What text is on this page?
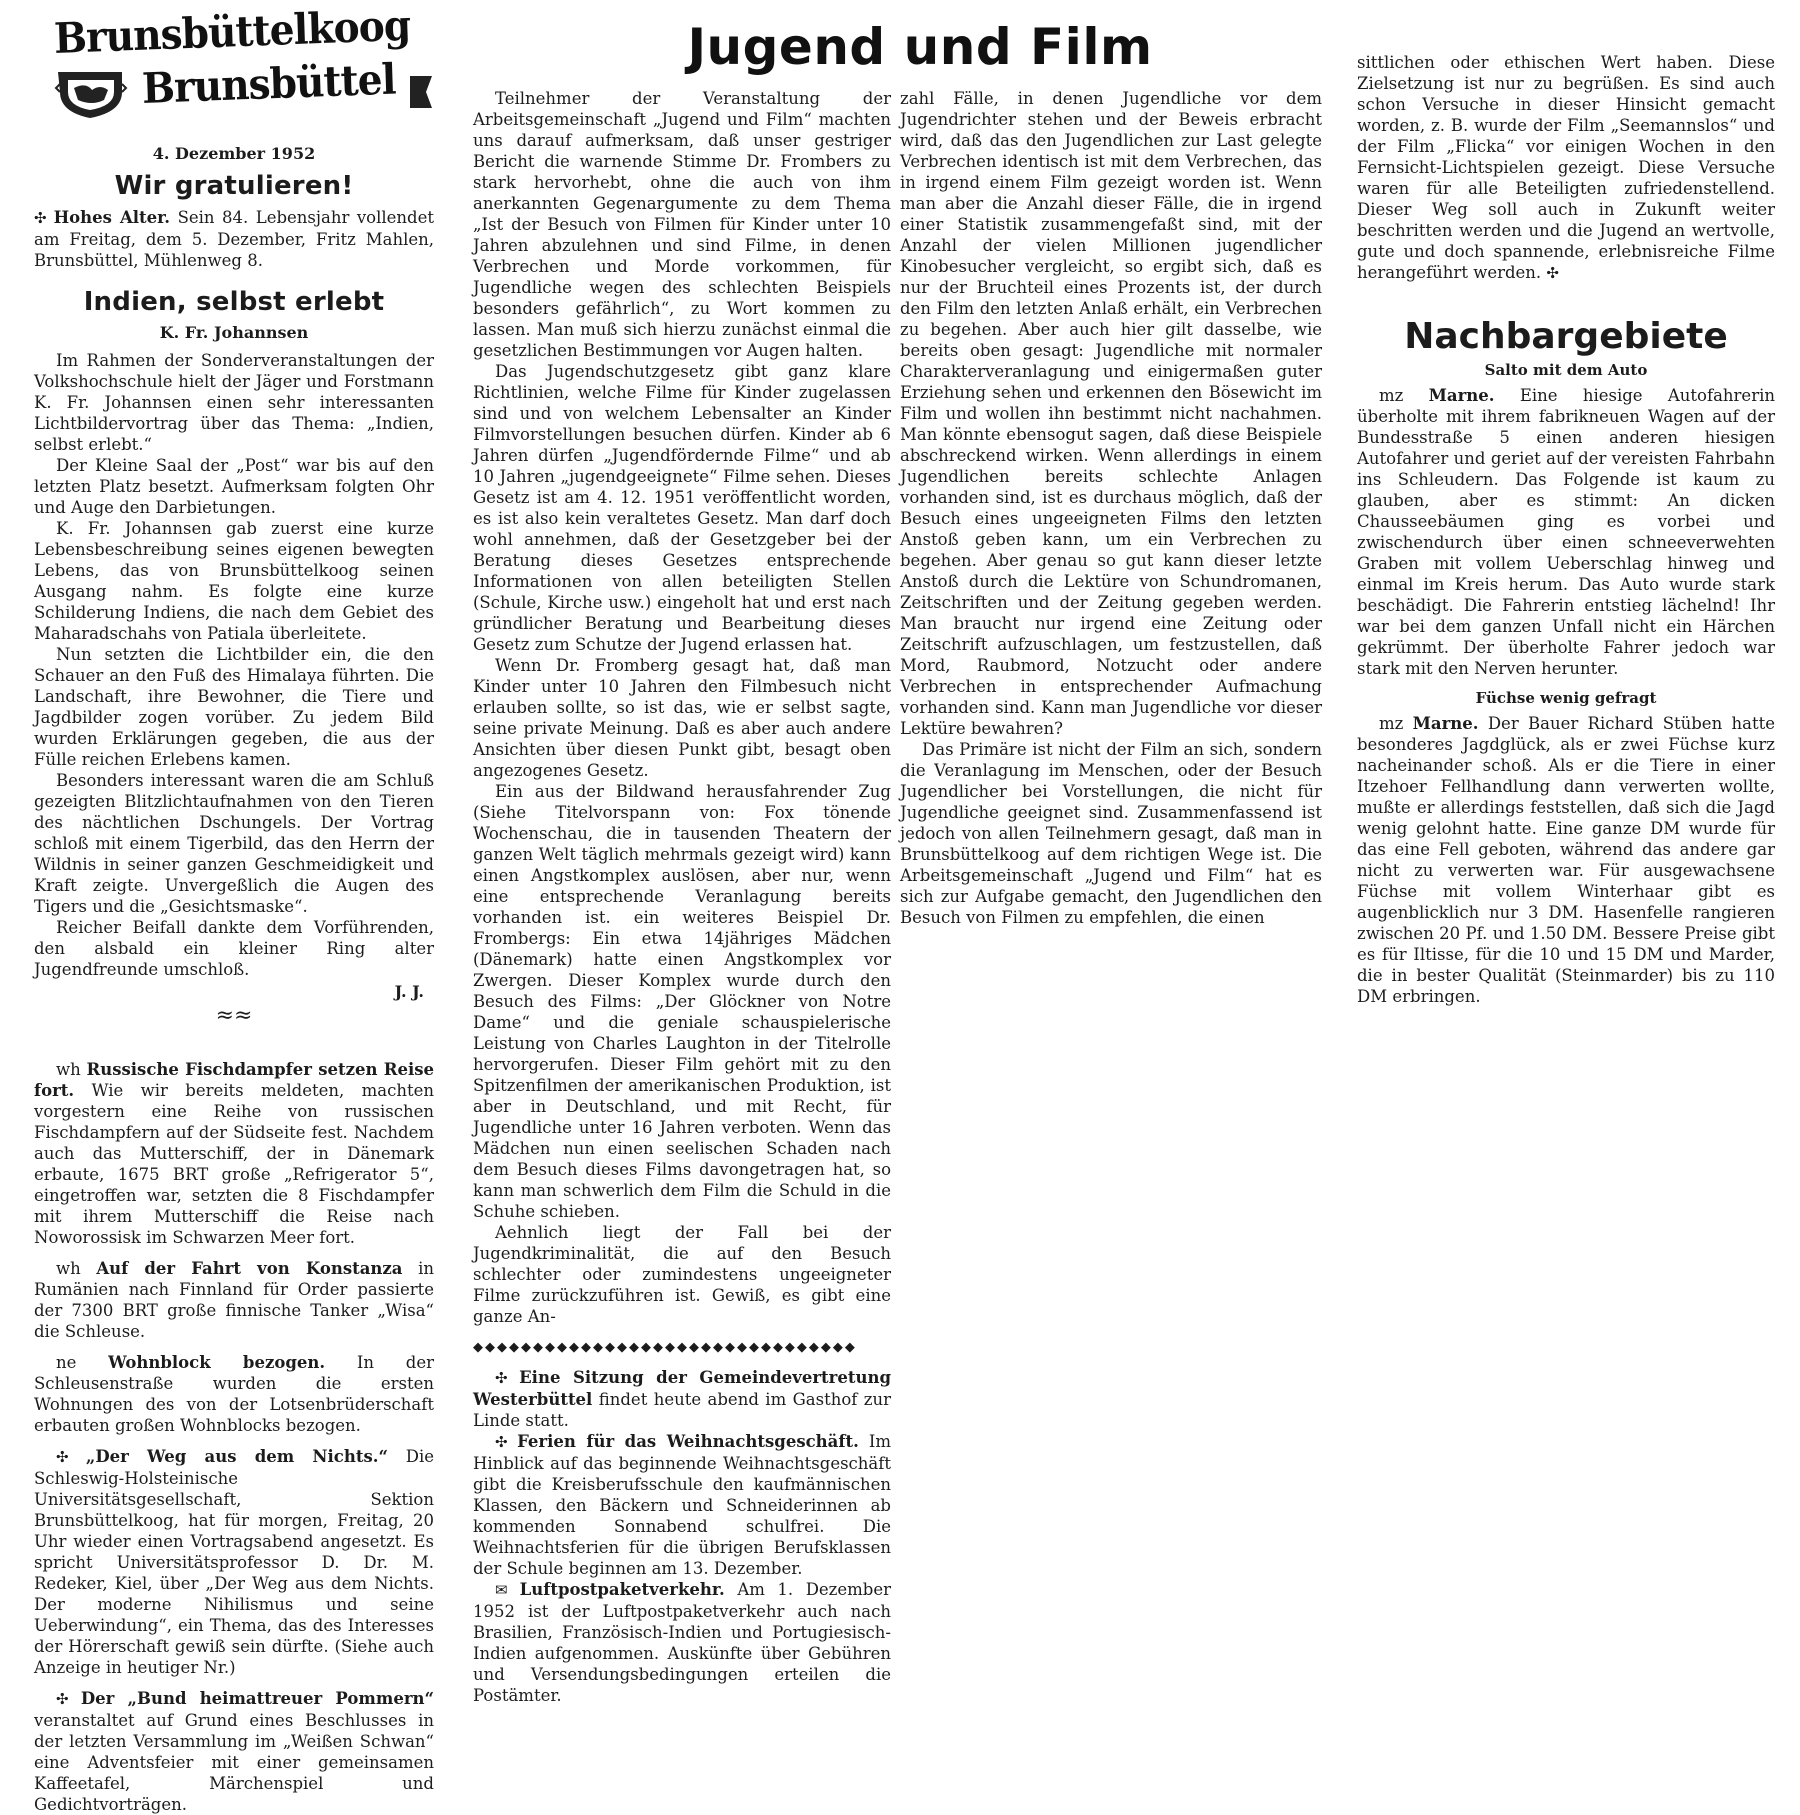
Jugend und Film
Brunsbüttelkoog
Brunsbüttel
4. Dezember 1952
Wir gratulieren!

✣ Hohes Alter. Sein 84. Lebensjahr vollendet am Freitag, dem 5. Dezember, Fritz Mahlen, Brunsbüttel, Mühlenweg 8.

Indien, selbst erlebt
K. Fr. Johannsen

Im Rahmen der Sonderveranstaltungen der Volkshochschule hielt der Jäger und Forstmann K. Fr. Johannsen einen sehr interessanten Lichtbildervortrag über das Thema: „Indien, selbst erlebt.“

Der Kleine Saal der „Post“ war bis auf den letzten Platz besetzt. Aufmerksam folgten Ohr und Auge den Darbietungen.

K. Fr. Johannsen gab zuerst eine kurze Lebensbeschreibung seines eigenen bewegten Lebens, das von Brunsbüttelkoog seinen Ausgang nahm. Es folgte eine kurze Schilderung Indiens, die nach dem Gebiet des Maharadschahs von Patiala überleitete.

Nun setzten die Lichtbilder ein, die den Schauer an den Fuß des Himalaya führten. Die Landschaft, ihre Bewohner, die Tiere und Jagdbilder zogen vorüber. Zu jedem Bild wurden Erklärungen gegeben, die aus der Fülle reichen Erlebens kamen.

Besonders interessant waren die am Schluß gezeigten Blitzlichtaufnahmen von den Tieren des nächtlichen Dschungels. Der Vortrag schloß mit einem Tigerbild, das den Herrn der Wildnis in seiner ganzen Geschmeidigkeit und Kraft zeigte. Unvergeßlich die Augen des Tigers und die „Gesichtsmaske“.

Reicher Beifall dankte dem Vorführenden, den alsbald ein kleiner Ring alter Jugendfreunde umschloß.

J. J.
≈≈

wh Russische Fischdampfer setzen Reise fort. Wie wir bereits meldeten, machten vorgestern eine Reihe von russischen Fischdampfern auf der Südseite fest. Nachdem auch das Mutterschiff, der in Dänemark erbaute, 1675 BRT große „Refrigerator 5“, eingetroffen war, setzten die 8 Fischdampfer mit ihrem Mutterschiff die Reise nach Noworossisk im Schwarzen Meer fort.

wh Auf der Fahrt von Konstanza in Rumänien nach Finnland für Order passierte der 7300 BRT große finnische Tanker „Wisa“ die Schleuse.

ne Wohnblock bezogen. In der Schleusenstraße wurden die ersten Wohnungen des von der Lotsenbrüderschaft erbauten großen Wohnblocks bezogen.

✣ „Der Weg aus dem Nichts.“ Die Schleswig-Holsteinische Universitätsgesellschaft, Sektion Brunsbüttelkoog, hat für morgen, Freitag, 20 Uhr wieder einen Vortragsabend angesetzt. Es spricht Universitätsprofessor D. Dr. M. Redeker, Kiel, über „Der Weg aus dem Nichts. Der moderne Nihilismus und seine Ueberwindung“, ein Thema, das des Interesses der Hörerschaft gewiß sein dürfte. (Siehe auch Anzeige in heutiger Nr.)

✣ Der „Bund heimattreuer Pommern“ veranstaltet auf Grund eines Beschlusses in der letzten Versammlung im „Weißen Schwan“ eine Adventsfeier mit einer gemeinsamen Kaffeetafel, Märchenspiel und Gedichtvorträgen.

Teilnehmer der Veranstaltung der Arbeitsgemeinschaft „Jugend und Film“ machten uns darauf aufmerksam, daß unser gestriger Bericht die warnende Stimme Dr. Frombers zu stark hervorhebt, ohne die auch von ihm anerkannten Gegenargumente zu dem Thema „Ist der Besuch von Filmen für Kinder unter 10 Jahren abzulehnen und sind Filme, in denen Verbrechen und Morde vorkommen, für Jugendliche wegen des schlechten Beispiels besonders gefährlich“, zu Wort kommen zu lassen. Man muß sich hierzu zunächst einmal die gesetzlichen Bestimmungen vor Augen halten.

Das Jugendschutzgesetz gibt ganz klare Richtlinien, welche Filme für Kinder zugelassen sind und von welchem Lebensalter an Kinder Filmvorstellungen besuchen dürfen. Kinder ab 6 Jahren dürfen „Jugendfördernde Filme“ und ab 10 Jahren „jugendgeeignete“ Filme sehen. Dieses Gesetz ist am 4. 12. 1951 veröffentlicht worden, es ist also kein veraltetes Gesetz. Man darf doch wohl annehmen, daß der Gesetzgeber bei der Beratung dieses Gesetzes entsprechende Informationen von allen beteiligten Stellen (Schule, Kirche usw.) eingeholt hat und erst nach gründlicher Beratung und Bearbeitung dieses Gesetz zum Schutze der Jugend erlassen hat.

Wenn Dr. Fromberg gesagt hat, daß man Kinder unter 10 Jahren den Filmbesuch nicht erlauben sollte, so ist das, wie er selbst sagte, seine private Meinung. Daß es aber auch andere Ansichten über diesen Punkt gibt, besagt oben angezogenes Gesetz.

Ein aus der Bildwand herausfahrender Zug (Siehe Titelvorspann von: Fox tönende Wochenschau, die in tausenden Theatern der ganzen Welt täglich mehrmals gezeigt wird) kann einen Angstkomplex auslösen, aber nur, wenn eine entsprechende Veranlagung bereits vorhanden ist. ein weiteres Beispiel Dr. Frombergs: Ein etwa 14jähriges Mädchen (Dänemark) hatte einen Angstkomplex vor Zwergen. Dieser Komplex wurde durch den Besuch des Films: „Der Glöckner von Notre Dame“ und die geniale schauspielerische Leistung von Charles Laughton in der Titelrolle hervorgerufen. Dieser Film gehört mit zu den Spitzenfilmen der amerikanischen Produktion, ist aber in Deutschland, und mit Recht, für Jugendliche unter 16 Jahren verboten. Wenn das Mädchen nun einen seelischen Schaden nach dem Besuch dieses Films davongetragen hat, so kann man schwerlich dem Film die Schuld in die Schuhe schieben.

Aehnlich liegt der Fall bei der Jugendkriminalität, die auf den Besuch schlechter oder zumindestens ungeeigneter Filme zurückzuführen ist. Gewiß, es gibt eine ganze An-

◆◆◆◆◆◆◆◆◆◆◆◆◆◆◆◆◆◆◆◆◆◆◆◆◆◆◆◆◆◆◆◆

✣ Eine Sitzung der Gemeindevertretung Westerbüttel findet heute abend im Gasthof zur Linde statt.

✣ Ferien für das Weihnachtsgeschäft. Im Hinblick auf das beginnende Weihnachtsgeschäft gibt die Kreisberufsschule den kaufmännischen Klassen, den Bäckern und Schneiderinnen ab kommenden Sonnabend schulfrei. Die Weihnachtsferien für die übrigen Berufsklassen der Schule beginnen am 13. Dezember.

✉ Luftpostpaketverkehr. Am 1. Dezember 1952 ist der Luftpostpaketverkehr auch nach Brasilien, Französisch-Indien und Portugiesisch-Indien aufgenommen. Auskünfte über Gebühren und Versendungsbedingungen erteilen die Postämter.

zahl Fälle, in denen Jugendliche vor dem Jugendrichter stehen und der Beweis erbracht wird, daß das den Jugendlichen zur Last gelegte Verbrechen identisch ist mit dem Verbrechen, das in irgend einem Film gezeigt worden ist. Wenn man aber die Anzahl dieser Fälle, die in irgend einer Statistik zusammengefaßt sind, mit der Anzahl der vielen Millionen jugendlicher Kinobesucher vergleicht, so ergibt sich, daß es nur der Bruchteil eines Prozents ist, der durch den Film den letzten Anlaß erhält, ein Verbrechen zu begehen. Aber auch hier gilt dasselbe, wie bereits oben gesagt: Jugendliche mit normaler Charakterveranlagung und einigermaßen guter Erziehung sehen und erkennen den Bösewicht im Film und wollen ihn bestimmt nicht nachahmen. Man könnte ebensogut sagen, daß diese Beispiele abschreckend wirken. Wenn allerdings in einem Jugendlichen bereits schlechte Anlagen vorhanden sind, ist es durchaus möglich, daß der Besuch eines ungeeigneten Films den letzten Anstoß geben kann, um ein Verbrechen zu begehen. Aber genau so gut kann dieser letzte Anstoß durch die Lektüre von Schundromanen, Zeitschriften und der Zeitung gegeben werden. Man braucht nur irgend eine Zeitung oder Zeitschrift aufzuschlagen, um festzustellen, daß Mord, Raubmord, Notzucht oder andere Verbrechen in entsprechender Aufmachung vorhanden sind. Kann man Jugendliche vor dieser Lektüre bewahren?

Das Primäre ist nicht der Film an sich, sondern die Veranlagung im Menschen, oder der Besuch Jugendlicher bei Vorstellungen, die nicht für Jugendliche geeignet sind. Zusammenfassend ist jedoch von allen Teilnehmern gesagt, daß man in Brunsbüttelkoog auf dem richtigen Wege ist. Die Arbeitsgemeinschaft „Jugend und Film“ hat es sich zur Aufgabe gemacht, den Jugendlichen den Besuch von Filmen zu empfehlen, die einen

sittlichen oder ethischen Wert haben. Diese Zielsetzung ist nur zu begrüßen. Es sind auch schon Versuche in dieser Hinsicht gemacht worden, z. B. wurde der Film „Seemannslos“ und der Film „Flicka“ vor einigen Wochen in den Fernsicht-Lichtspielen gezeigt. Diese Versuche waren für alle Beteiligten zufriedenstellend. Dieser Weg soll auch in Zukunft weiter beschritten werden und die Jugend an wertvolle, gute und doch spannende, erlebnisreiche Filme herangeführt werden. ✣

Nachbargebiete
Salto mit dem Auto

mz Marne. Eine hiesige Autofahrerin überholte mit ihrem fabrikneuen Wagen auf der Bundesstraße 5 einen anderen hiesigen Autofahrer und geriet auf der vereisten Fahrbahn ins Schleudern. Das Folgende ist kaum zu glauben, aber es stimmt: An dicken Chausseebäumen ging es vorbei und zwischendurch über einen schneeverwehten Graben mit vollem Ueberschlag hinweg und einmal im Kreis herum. Das Auto wurde stark beschädigt. Die Fahrerin entstieg lächelnd! Ihr war bei dem ganzen Unfall nicht ein Härchen gekrümmt. Der überholte Fahrer jedoch war stark mit den Nerven herunter.

Füchse wenig gefragt

mz Marne. Der Bauer Richard Stüben hatte besonderes Jagdglück, als er zwei Füchse kurz nacheinander schoß. Als er die Tiere in einer Itzehoer Fellhandlung dann verwerten wollte, mußte er allerdings feststellen, daß sich die Jagd wenig gelohnt hatte. Eine ganze DM wurde für das eine Fell geboten, während das andere gar nicht zu verwerten war. Für ausgewachsene Füchse mit vollem Winterhaar gibt es augenblicklich nur 3 DM. Hasenfelle rangieren zwischen 20 Pf. und 1.50 DM. Bessere Preise gibt es für Iltisse, für die 10 und 15 DM und Marder, die in bester Qualität (Steinmarder) bis zu 110 DM erbringen.
